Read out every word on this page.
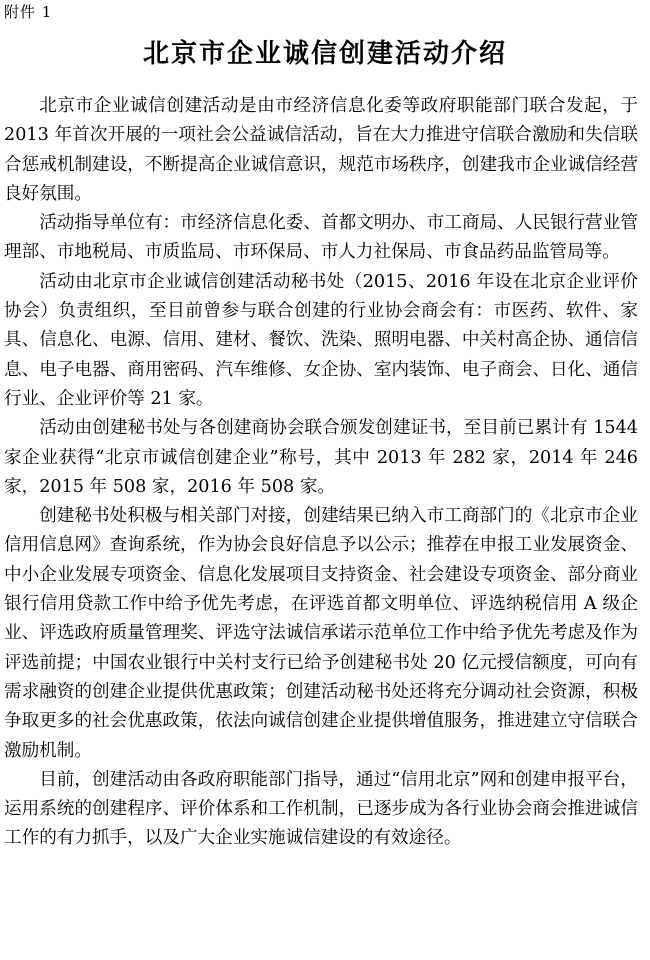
附件 1
北京市企业诚信创建活动介绍

北京市企业诚信创建活动是由市经济信息化委等政府职能部门联合发起，于 2013 年首次开展的一项社会公益诚信活动，旨在大力推进守信联合激励和失信联合惩戒机制建设，不断提高企业诚信意识，规范市场秩序，创建我市企业诚信经营良好氛围。

活动指导单位有：市经济信息化委、首都文明办、市工商局、人民银行营业管理部、市地税局、市质监局、市环保局、市人力社保局、市食品药品监管局等。

活动由北京市企业诚信创建活动秘书处（2015、2016 年设在北京企业评价协会）负责组织，至目前曾参与联合创建的行业协会商会有：市医药、软件、家具、信息化、电源、信用、建材、餐饮、洗染、照明电器、中关村高企协、通信信息、电子电器、商用密码、汽车维修、女企协、室内装饰、电子商会、日化、通信行业、企业评价等 21 家。

活动由创建秘书处与各创建商协会联合颁发创建证书，至目前已累计有 1544 家企业获得“北京市诚信创建企业”称号，其中 2013 年 282 家，2014 年 246 家，2015 年 508 家，2016 年 508 家。

创建秘书处积极与相关部门对接，创建结果已纳入市工商部门的《北京市企业信用信息网》查询系统，作为协会良好信息予以公示；推荐在申报工业发展资金、中小企业发展专项资金、信息化发展项目支持资金、社会建设专项资金、部分商业银行信用贷款工作中给予优先考虑，在评选首都文明单位、评选纳税信用 A 级企业、评选政府质量管理奖、评选守法诚信承诺示范单位工作中给予优先考虑及作为评选前提；中国农业银行中关村支行已给予创建秘书处 20 亿元授信额度，可向有需求融资的创建企业提供优惠政策；创建活动秘书处还将充分调动社会资源，积极争取更多的社会优惠政策，依法向诚信创建企业提供增值服务，推进建立守信联合激励机制。

目前，创建活动由各政府职能部门指导，通过“信用北京”网和创建申报平台，运用系统的创建程序、评价体系和工作机制，已逐步成为各行业协会商会推进诚信工作的有力抓手，以及广大企业实施诚信建设的有效途径。
